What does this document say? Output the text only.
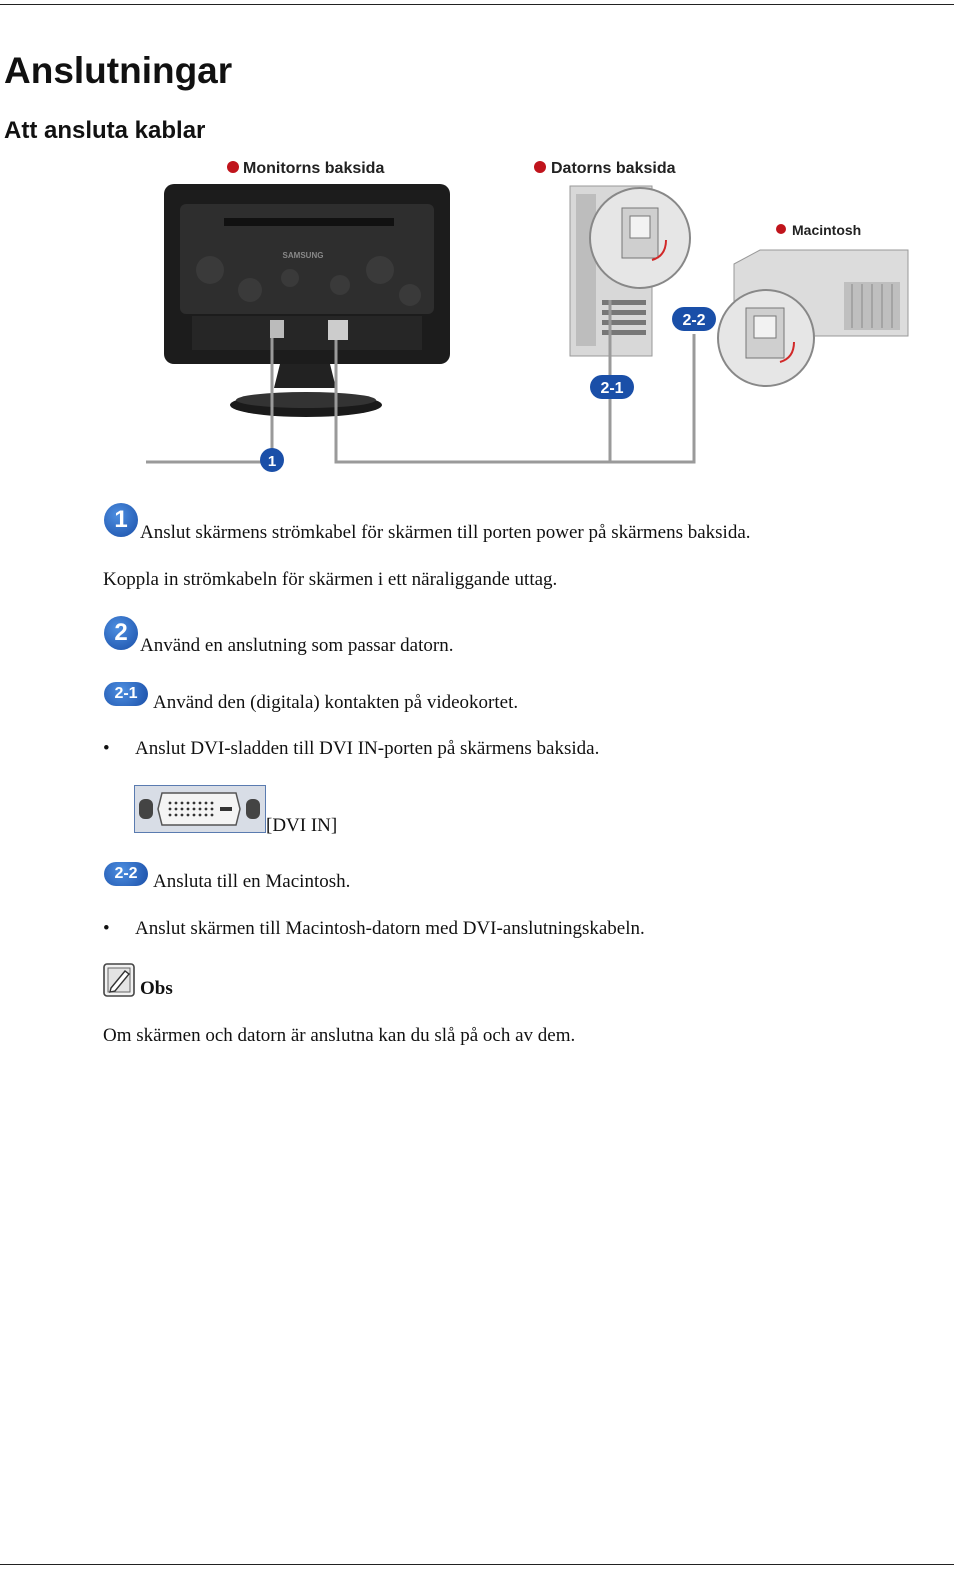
Anslutningar
Att ansluta kablar
Monitorns baksida	Datorns baksida
Macintosh
SAMSUNG
1
2-1
2-2
1 Anslut skärmens strömkabel för skärmen till porten power på skärmens baksida.
Koppla in strömkabeln för skärmen i ett näraliggande uttag.
2 Använd en anslutning som passar datorn.
2-1 Använd den (digitala) kontakten på videokortet.
• Anslut DVI-sladden till DVI IN-porten på skärmens baksida.
[DVI IN]
2-2 Ansluta till en Macintosh.
• Anslut skärmen till Macintosh-datorn med DVI-anslutningskabeln.
Obs
Om skärmen och datorn är anslutna kan du slå på och av dem.
